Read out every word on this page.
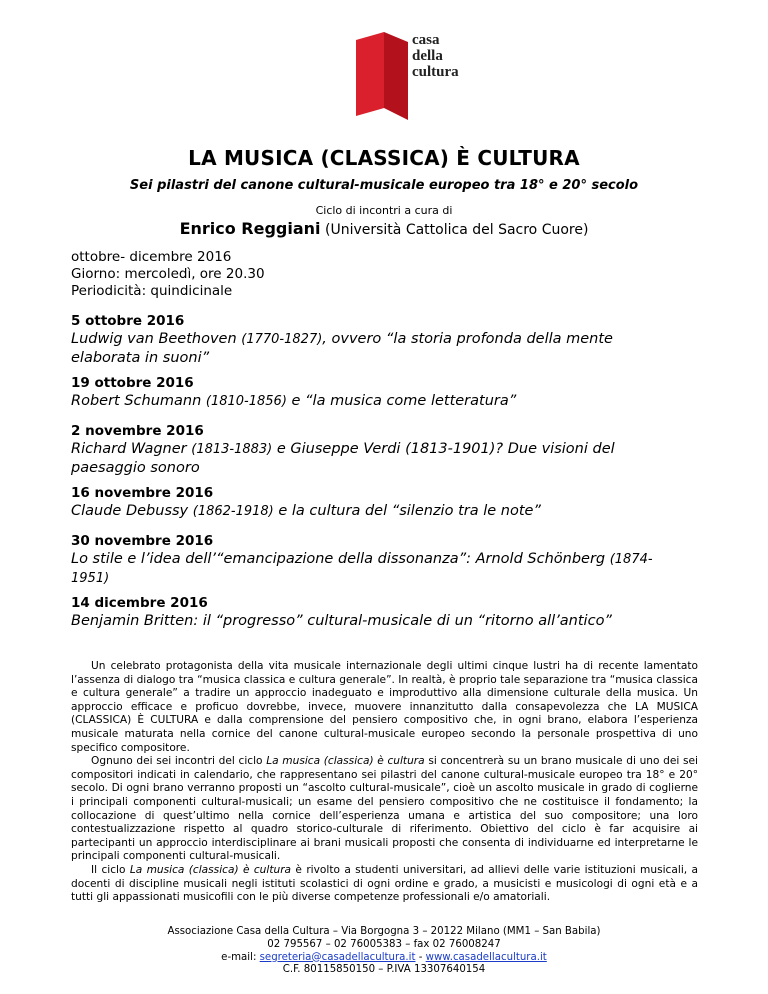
casa
della
cultura
LA MUSICA (CLASSICA) È CULTURA
Sei pilastri del canone cultural-musicale europeo tra 18° e 20° secolo
Ciclo di incontri a cura di
Enrico Reggiani (Università Cattolica del Sacro Cuore)
ottobre- dicembre 2016
Giorno: mercoledì, ore 20.30
Periodicità: quindicinale
5 ottobre 2016
Ludwig van Beethoven (1770-1827), ovvero “la storia profonda della mente elaborata in suoni”
19 ottobre 2016
Robert Schumann (1810-1856) e “la musica come letteratura”
2 novembre 2016
Richard Wagner (1813-1883) e Giuseppe Verdi (1813-1901)? Due visioni del paesaggio sonoro
16 novembre 2016
Claude Debussy (1862-1918) e la cultura del “silenzio tra le note”
30 novembre 2016
Lo stile e l’idea dell’“emancipazione della dissonanza”: Arnold Schönberg (1874-1951)
14 dicembre 2016
Benjamin Britten: il “progresso” cultural-musicale di un “ritorno all’antico”

Un celebrato protagonista della vita musicale internazionale degli ultimi cinque lustri ha di recente lamentato l’assenza di dialogo tra “musica classica e cultura generale”. In realtà, è proprio tale separazione tra “musica classica e cultura generale” a tradire un approccio inadeguato e improduttivo alla dimensione culturale della musica. Un approccio efficace e proficuo dovrebbe, invece, muovere innanzitutto dalla consapevolezza che LA MUSICA (CLASSICA) È CULTURA e dalla comprensione del pensiero compositivo che, in ogni brano, elabora l’esperienza musicale maturata nella cornice del canone cultural-musicale europeo secondo la personale prospettiva di uno specifico compositore.

Ognuno dei sei incontri del ciclo La musica (classica) è cultura si concentrerà su un brano musicale di uno dei sei compositori indicati in calendario, che rappresentano sei pilastri del canone cultural-musicale europeo tra 18° e 20° secolo. Di ogni brano verranno proposti un “ascolto cultural-musicale”, cioè un ascolto musicale in grado di coglierne i principali componenti cultural-musicali; un esame del pensiero compositivo che ne costituisce il fondamento; la collocazione di quest’ultimo nella cornice dell’esperienza umana e artistica del suo compositore; una loro contestualizzazione rispetto al quadro storico-culturale di riferimento. Obiettivo del ciclo è far acquisire ai partecipanti un approccio interdisciplinare ai brani musicali proposti che consenta di individuarne ed interpretarne le principali componenti cultural-musicali.

Il ciclo La musica (classica) è cultura è rivolto a studenti universitari, ad allievi delle varie istituzioni musicali, a docenti di discipline musicali negli istituti scolastici di ogni ordine e grado, a musicisti e musicologi di ogni età e a tutti gli appassionati musicofili con le più diverse competenze professionali e/o amatoriali.

Associazione Casa della Cultura – Via Borgogna 3 – 20122 Milano (MM1 – San Babila)
02 795567 – 02 76005383 – fax 02 76008247
e-mail: segreteria@casadellacultura.it - www.casadellacultura.it
C.F. 80115850150 – P.IVA 13307640154
